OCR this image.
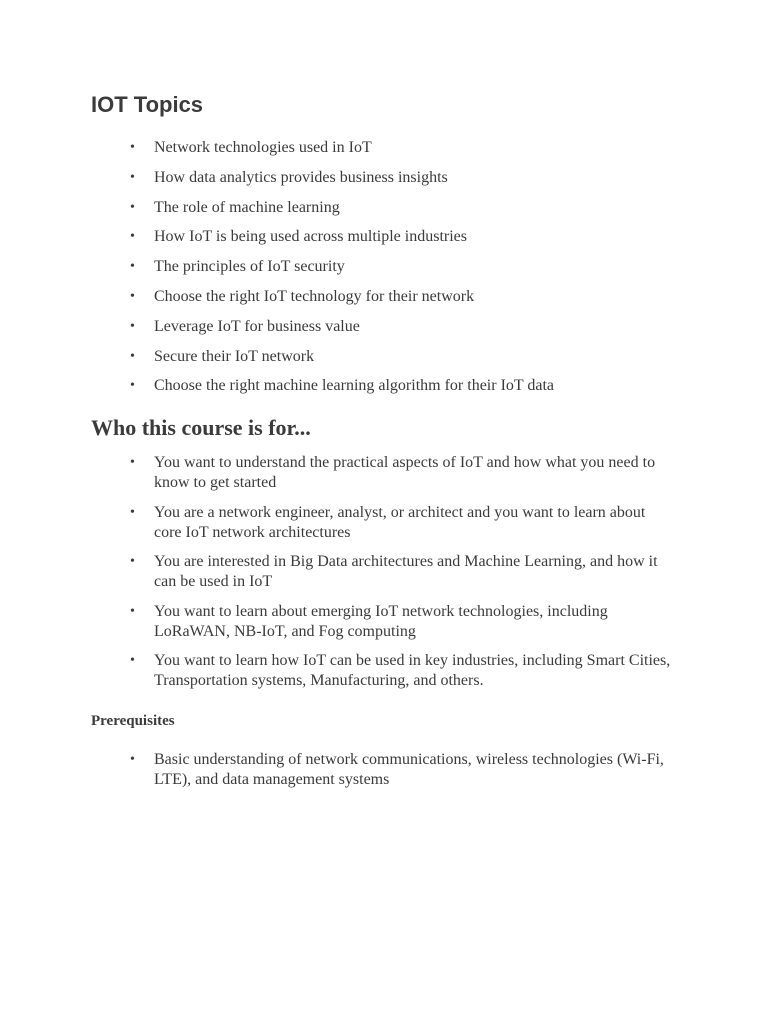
IOT Topics
• Network technologies used in IoT
• How data analytics provides business insights
• The role of machine learning
• How IoT is being used across multiple industries
• The principles of IoT security
• Choose the right IoT technology for their network
• Leverage IoT for business value
• Secure their IoT network
• Choose the right machine learning algorithm for their IoT data
Who this course is for...
• You want to understand the practical aspects of IoT and how what you need to know to get started
• You are a network engineer, analyst, or architect and you want to learn about core IoT network architectures
• You are interested in Big Data architectures and Machine Learning, and how it can be used in IoT
• You want to learn about emerging IoT network technologies, including LoRaWAN, NB-IoT, and Fog computing
• You want to learn how IoT can be used in key industries, including Smart Cities, Transportation systems, Manufacturing, and others.
Prerequisites
• Basic understanding of network communications, wireless technologies (Wi-Fi, LTE), and data management systems
